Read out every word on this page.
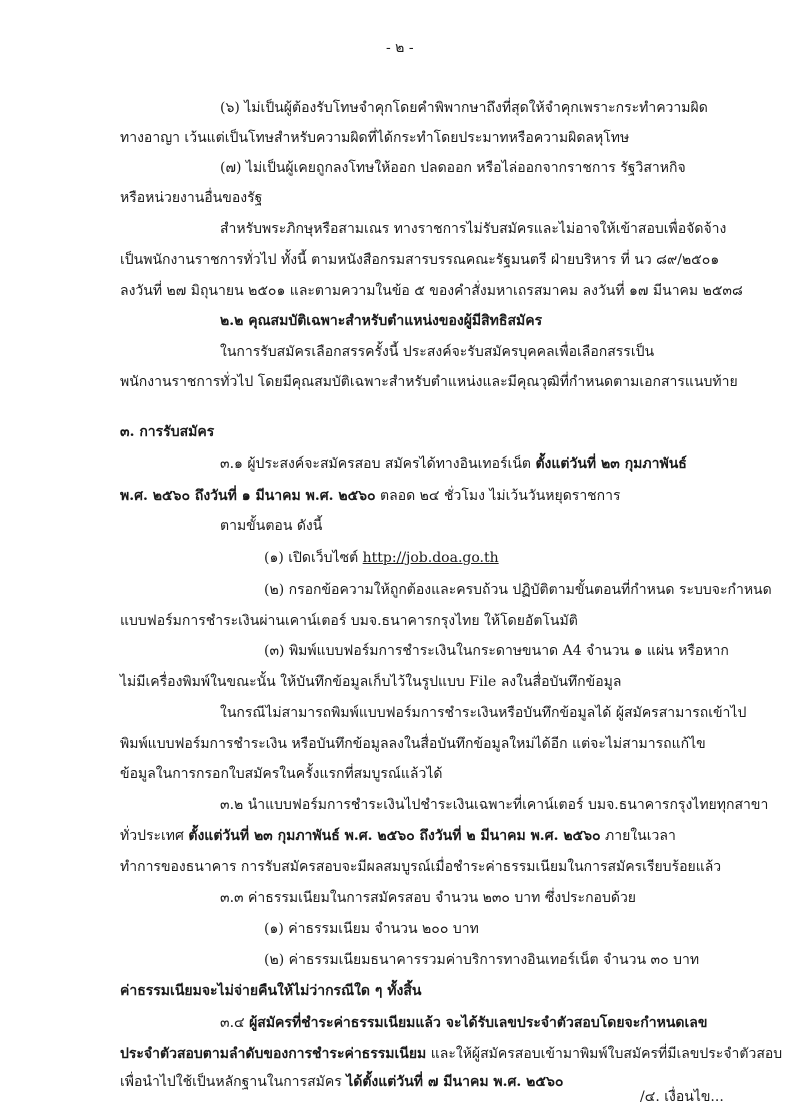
- ๒ -
(๖) ไม่เป็นผู้ต้องรับโทษจำคุกโดยคำพิพากษาถึงที่สุดให้จำคุกเพราะกระทำความผิด
ทางอาญา เว้นแต่เป็นโทษสำหรับความผิดที่ได้กระทำโดยประมาทหรือความผิดลหุโทษ
(๗) ไม่เป็นผู้เคยถูกลงโทษให้ออก ปลดออก หรือไล่ออกจากราชการ รัฐวิสาหกิจ
หรือหน่วยงานอื่นของรัฐ
สำหรับพระภิกษุหรือสามเณร ทางราชการไม่รับสมัครและไม่อาจให้เข้าสอบเพื่อจัดจ้าง
เป็นพนักงานราชการทั่วไป ทั้งนี้ ตามหนังสือกรมสารบรรณคณะรัฐมนตรี ฝ่ายบริหาร ที่ นว ๘๙/๒๕๐๑
ลงวันที่ ๒๗ มิถุนายน ๒๕๐๑ และตามความในข้อ ๕ ของคำสั่งมหาเถรสมาคม ลงวันที่ ๑๗ มีนาคม ๒๕๓๘
๒.๒ คุณสมบัติเฉพาะสำหรับตำแหน่งของผู้มีสิทธิสมัคร
ในการรับสมัครเลือกสรรครั้งนี้ ประสงค์จะรับสมัครบุคคลเพื่อเลือกสรรเป็น
พนักงานราชการทั่วไป โดยมีคุณสมบัติเฉพาะสำหรับตำแหน่งและมีคุณวุฒิที่กำหนดตามเอกสารแนบท้าย
๓. การรับสมัคร
๓.๑ ผู้ประสงค์จะสมัครสอบ สมัครได้ทางอินเทอร์เน็ต ตั้งแต่วันที่ ๒๓ กุมภาพันธ์
พ.ศ. ๒๕๖๐ ถึงวันที่ ๑ มีนาคม พ.ศ. ๒๕๖๐ ตลอด ๒๔ ชั่วโมง ไม่เว้นวันหยุดราชการ
ตามขั้นตอน ดังนี้
(๑) เปิดเว็บไซต์ http://job.doa.go.th
(๒) กรอกข้อความให้ถูกต้องและครบถ้วน ปฏิบัติตามขั้นตอนที่กำหนด ระบบจะกำหนด
แบบฟอร์มการชำระเงินผ่านเคาน์เตอร์ บมจ.ธนาคารกรุงไทย ให้โดยอัตโนมัติ
(๓) พิมพ์แบบฟอร์มการชำระเงินในกระดาษขนาด A4 จำนวน ๑ แผ่น หรือหาก
ไม่มีเครื่องพิมพ์ในขณะนั้น ให้บันทึกข้อมูลเก็บไว้ในรูปแบบ File ลงในสื่อบันทึกข้อมูล
ในกรณีไม่สามารถพิมพ์แบบฟอร์มการชำระเงินหรือบันทึกข้อมูลได้ ผู้สมัครสามารถเข้าไป
พิมพ์แบบฟอร์มการชำระเงิน หรือบันทึกข้อมูลลงในสื่อบันทึกข้อมูลใหม่ได้อีก แต่จะไม่สามารถแก้ไข
ข้อมูลในการกรอกใบสมัครในครั้งแรกที่สมบูรณ์แล้วได้
๓.๒ นำแบบฟอร์มการชำระเงินไปชำระเงินเฉพาะที่เคาน์เตอร์ บมจ.ธนาคารกรุงไทยทุกสาขา
ทั่วประเทศ ตั้งแต่วันที่ ๒๓ กุมภาพันธ์ พ.ศ. ๒๕๖๐ ถึงวันที่ ๒ มีนาคม พ.ศ. ๒๕๖๐ ภายในเวลา
ทำการของธนาคาร การรับสมัครสอบจะมีผลสมบูรณ์เมื่อชำระค่าธรรมเนียมในการสมัครเรียบร้อยแล้ว
๓.๓ ค่าธรรมเนียมในการสมัครสอบ จำนวน ๒๓๐ บาท ซึ่งประกอบด้วย
(๑) ค่าธรรมเนียม จำนวน ๒๐๐ บาท
(๒) ค่าธรรมเนียมธนาคารรวมค่าบริการทางอินเทอร์เน็ต จำนวน ๓๐ บาท
ค่าธรรมเนียมจะไม่จ่ายคืนให้ไม่ว่ากรณีใด ๆ ทั้งสิ้น
๓.๔ ผู้สมัครที่ชำระค่าธรรมเนียมแล้ว จะได้รับเลขประจำตัวสอบโดยจะกำหนดเลข
ประจำตัวสอบตามลำดับของการชำระค่าธรรมเนียม และให้ผู้สมัครสอบเข้ามาพิมพ์ใบสมัครที่มีเลขประจำตัวสอบ
เพื่อนำไปใช้เป็นหลักฐานในการสมัคร ได้ตั้งแต่วันที่ ๗ มีนาคม พ.ศ. ๒๕๖๐
/๔. เงื่อนไข...
